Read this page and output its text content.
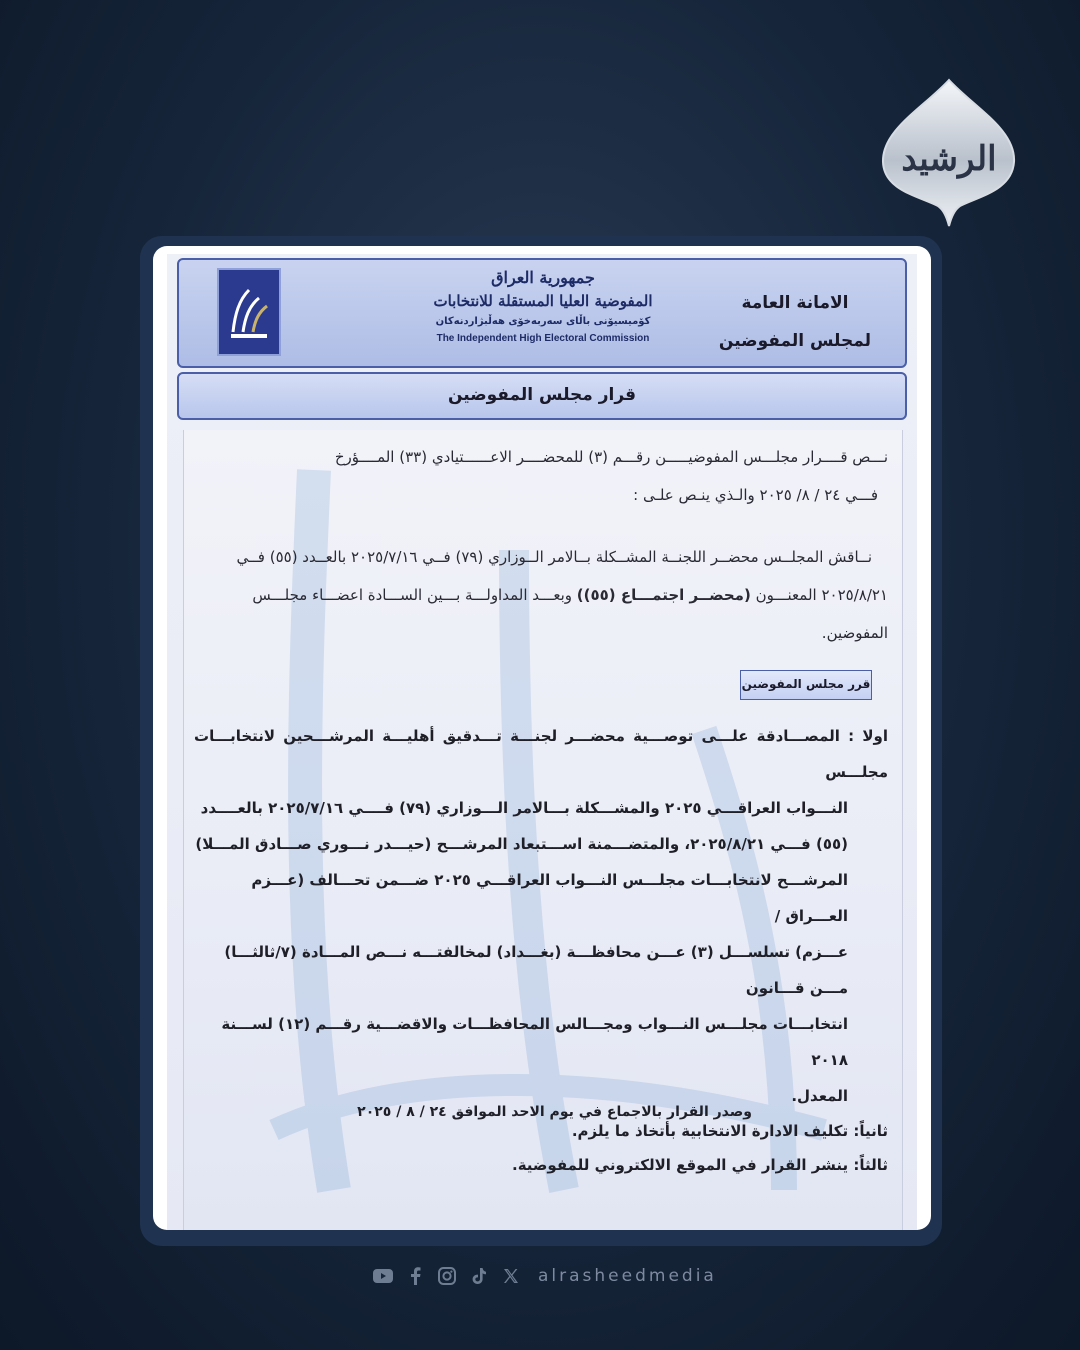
الرشيد
جمهورية العراق
المفوضية العليا المستقلة للانتخابات
كۆمیسیۆنی باڵای سەربەخۆی هەڵبژاردنەکان
The Independent High Electoral Commission
الامانة العامة
لمجلس المفوضين
قرار مجلس المفوضين
نـــص قــــرار مجلـــس المفوضيـــــن رقـــم (٣) للمحضــــر الاعــــــتيادي (٣٣) المــــؤرخ
فـــي ٢٤ / ٨/ ٢٠٢٥ والـذي ينـص علـى :
نــاقش المجلــس محضــر اللجنــة المشــكلة بــالامر الــوزاري (٧٩) فــي ٢٠٢٥/٧/١٦ بالعــدد (٥٥) فــي
٢٠٢٥/٨/٢١ المعنـــون (محضــر اجتمـــاع (٥٥)) وبعـــد المداولـــة بـــين الســـادة اعضـــاء مجلـــس
المفوضين.
قرر مجلس المفوضين
اولا : المصـــادقة علـــى توصـــية محضـــر لجنـــة تـــدقيق أهليـــة المرشـــحين لانتخابـــات مجلـــس
النـــواب العراقـــي ٢٠٢٥ والمشـــكلة بـــالامر الـــوزاري (٧٩) فــــي ٢٠٢٥/٧/١٦ بالعــــدد
(٥٥) فـــي ٢٠٢٥/٨/٢١، والمتضـــمنة اســـتبعاد المرشـــح (حيـــدر نـــوري صـــادق المـــلا)
المرشـــح لانتخابـــات مجلـــس النـــواب العراقـــي ٢٠٢٥ ضـــمن تحـــالف (عـــزم العـــراق /
عـــزم) تسلســـل (٣) عـــن محافظـــة (بغـــداد) لمخالفتـــه نـــص المـــادة (٧/ثالثـــا) مـــن قـــانون
انتخابـــات مجلـــس النـــواب ومجـــالس المحافظـــات والاقضـــية رقـــم (١٢) لســـنة ٢٠١٨
المعدل.
ثانياً: تكليف الادارة الانتخابية بأتخاذ ما يلزم.
ثالثاً: ينشر القرار في الموقع الالكتروني للمفوضية.
وصدر القرار بالاجماع في يوم الاحد الموافق ٢٤ / ٨ / ٢٠٢٥
alrasheedmedia
